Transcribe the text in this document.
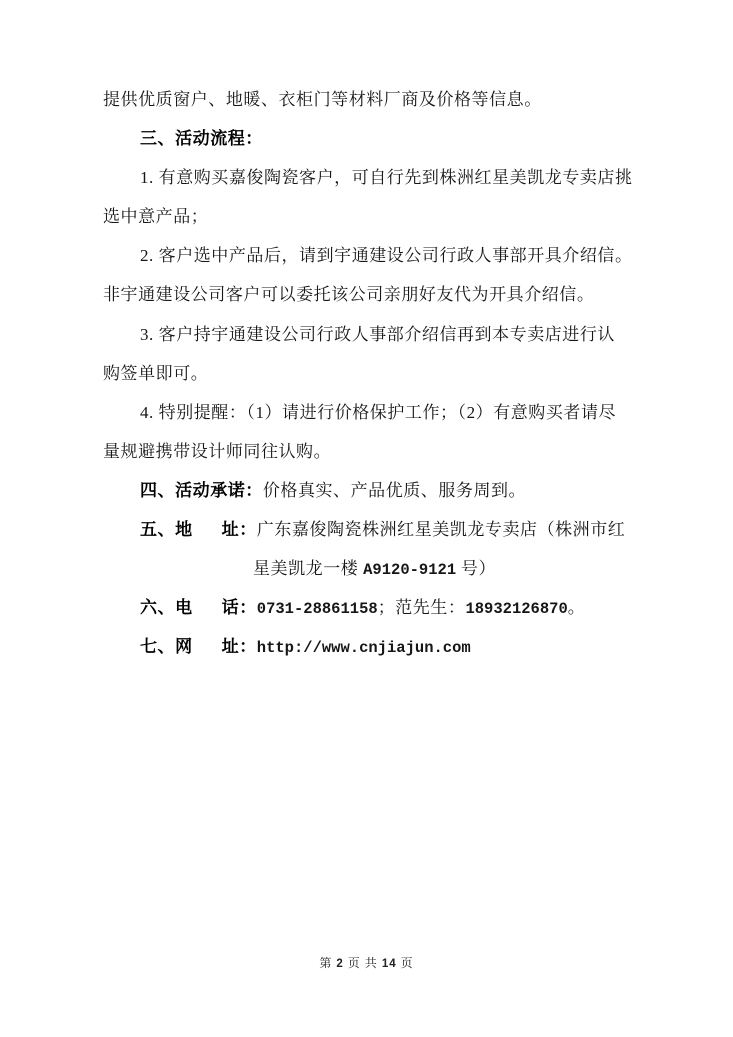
提供优质窗户、地暖、衣柜门等材料厂商及价格等信息。
三、活动流程：
1. 有意购买嘉俊陶瓷客户，可自行先到株洲红星美凯龙专卖店挑
选中意产品；
2. 客户选中产品后，请到宇通建设公司行政人事部开具介绍信。
非宇通建设公司客户可以委托该公司亲朋好友代为开具介绍信。
3. 客户持宇通建设公司行政人事部介绍信再到本专卖店进行认
购签单即可。
4. 特别提醒：（1）请进行价格保护工作；（2）有意购买者请尽
量规避携带设计师同往认购。
四、活动承诺：价格真实、产品优质、服务周到。
五、地 址：广东嘉俊陶瓷株洲红星美凯龙专卖店（株洲市红
星美凯龙一楼 A9120-9121 号）
六、电 话：0731-28861158；范先生：18932126870。
七、网 址：http://www.cnjiajun.com
第 2 页 共 14 页
